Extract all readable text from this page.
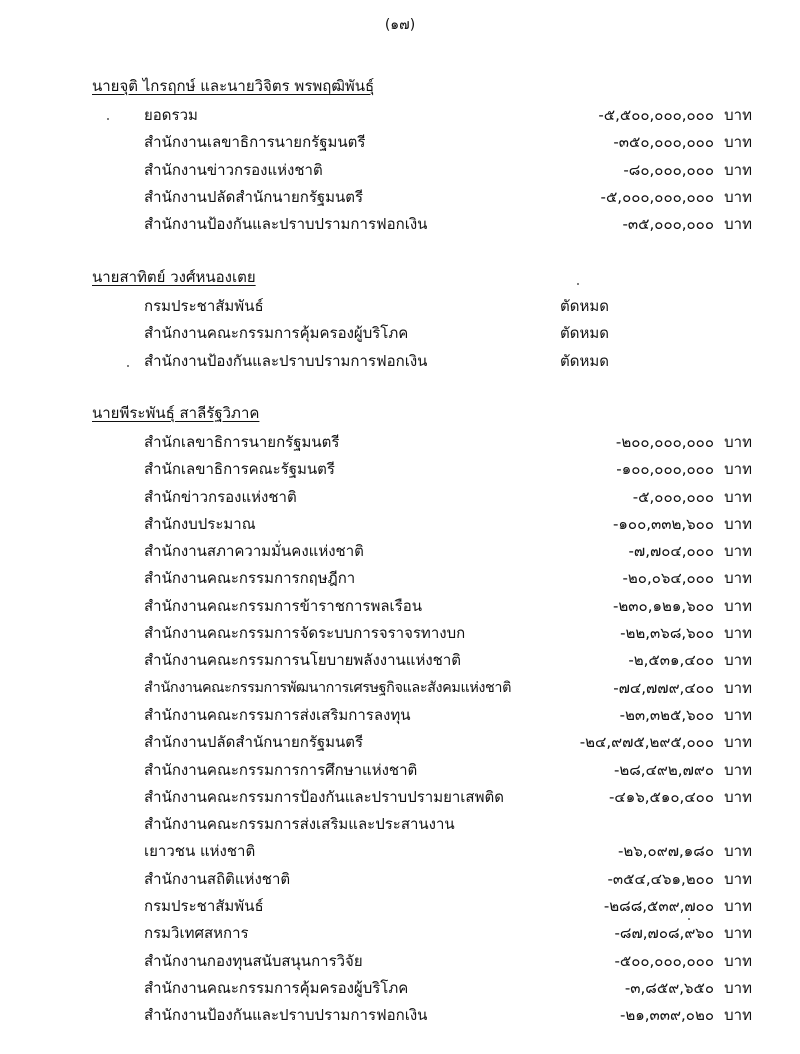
(๑๗)
นายจุติ ไกรฤกษ์ และนายวิจิตร พรพฤฒิพันธุ์
ยอดรวม	-๕,๕๐๐,๐๐๐,๐๐๐ บาท
สำนักงานเลขาธิการนายกรัฐมนตรี	-๓๕๐,๐๐๐,๐๐๐ บาท
สำนักงานข่าวกรองแห่งชาติ	-๘๐,๐๐๐,๐๐๐ บาท
สำนักงานปลัดสำนักนายกรัฐมนตรี	-๕,๐๐๐,๐๐๐,๐๐๐ บาท
สำนักงานป้องกันและปราบปรามการฟอกเงิน	-๓๕,๐๐๐,๐๐๐ บาท
นายสาทิตย์ วงศ์หนองเตย
กรมประชาสัมพันธ์	ตัดหมด
สำนักงานคณะกรรมการคุ้มครองผู้บริโภค	ตัดหมด
สำนักงานป้องกันและปราบปรามการฟอกเงิน	ตัดหมด
นายพีระพันธุ์ สาลีรัฐวิภาค
สำนักเลขาธิการนายกรัฐมนตรี	-๒๐๐,๐๐๐,๐๐๐ บาท
สำนักเลขาธิการคณะรัฐมนตรี	-๑๐๐,๐๐๐,๐๐๐ บาท
สำนักข่าวกรองแห่งชาติ	-๕,๐๐๐,๐๐๐ บาท
สำนักงบประมาณ	-๑๐๐,๓๓๒,๖๐๐ บาท
สำนักงานสภาความมั่นคงแห่งชาติ	-๗,๗๐๔,๐๐๐ บาท
สำนักงานคณะกรรมการกฤษฎีกา	-๒๐,๐๖๔,๐๐๐ บาท
สำนักงานคณะกรรมการข้าราชการพลเรือน	-๒๓๐,๑๒๑,๖๐๐ บาท
สำนักงานคณะกรรมการจัดระบบการจราจรทางบก	-๒๒,๓๖๘,๖๐๐ บาท
สำนักงานคณะกรรมการนโยบายพลังงานแห่งชาติ	-๒,๕๓๑,๔๐๐ บาท
สำนักงานคณะกรรมการพัฒนาการเศรษฐกิจและสังคมแห่งชาติ	-๗๔,๗๗๙,๔๐๐ บาท
สำนักงานคณะกรรมการส่งเสริมการลงทุน	-๒๓,๓๒๕,๖๐๐ บาท
สำนักงานปลัดสำนักนายกรัฐมนตรี	-๒๔,๙๗๕,๒๙๕,๐๐๐ บาท
สำนักงานคณะกรรมการการศึกษาแห่งชาติ	-๒๘,๔๙๒,๗๙๐ บาท
สำนักงานคณะกรรมการป้องกันและปราบปรามยาเสพติด	-๔๑๖,๕๑๐,๔๐๐ บาท
สำนักงานคณะกรรมการส่งเสริมและประสานงานเยาวชน แห่งชาติ	-๒๖,๐๙๗,๑๘๐ บาท
สำนักงานสถิติแห่งชาติ	-๓๕๔,๔๖๑,๒๐๐ บาท
กรมประชาสัมพันธ์	-๒๘๘,๕๓๙,๗๐๐ บาท
กรมวิเทศสหการ	-๘๗,๗๐๘,๙๖๐ บาท
สำนักงานกองทุนสนับสนุนการวิจัย	-๕๐๐,๐๐๐,๐๐๐ บาท
สำนักงานคณะกรรมการคุ้มครองผู้บริโภค	-๓,๘๕๙,๖๕๐ บาท
สำนักงานป้องกันและปราบปรามการฟอกเงิน	-๒๑,๓๓๙,๐๒๐ บาท
